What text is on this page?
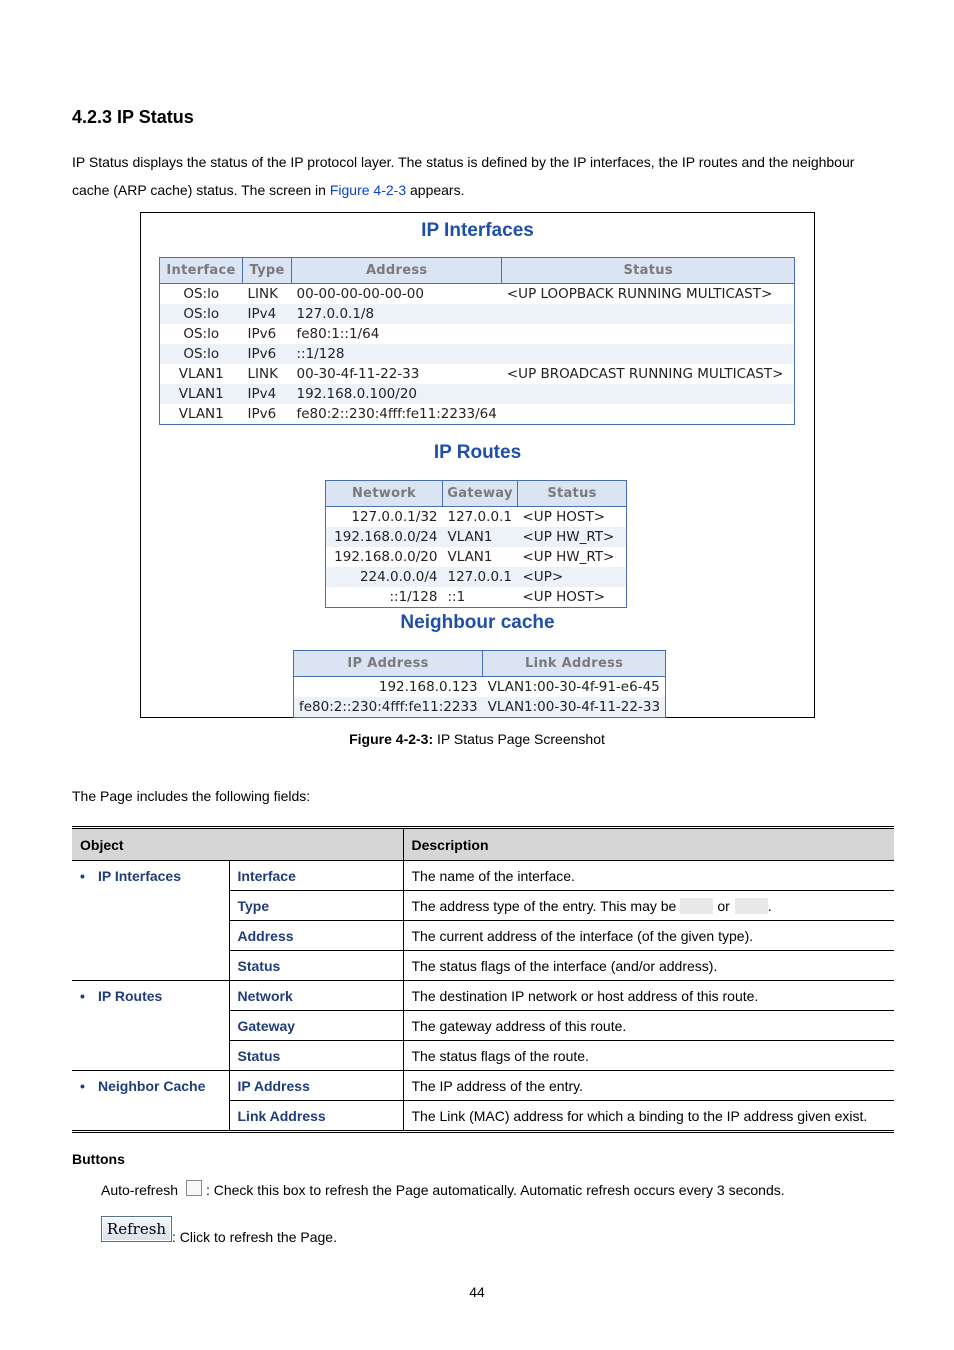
4.2.3 IP Status
IP Status displays the status of the IP protocol layer. The status is defined by the IP interfaces, the IP routes and the neighbour cache (ARP cache) status. The screen in Figure 4-2-3 appears.
IP Interfaces
Interface	Type	Address	Status
OS:lo	LINK	00-00-00-00-00-00	<UP LOOPBACK RUNNING MULTICAST>
OS:lo	IPv4	127.0.0.1/8	
OS:lo	IPv6	fe80:1::1/64	
OS:lo	IPv6	::1/128	
VLAN1	LINK	00-30-4f-11-22-33	<UP BROADCAST RUNNING MULTICAST>
VLAN1	IPv4	192.168.0.100/20	
VLAN1	IPv6	fe80:2::230:4fff:fe11:2233/64	
IP Routes
Network	Gateway	Status
127.0.0.1/32	127.0.0.1	<UP HOST>
192.168.0.0/24	VLAN1	<UP HW_RT>
192.168.0.0/20	VLAN1	<UP HW_RT>
224.0.0.0/4	127.0.0.1	<UP>
::1/128	::1	<UP HOST>
Neighbour cache
IP Address	Link Address
192.168.0.123	VLAN1:00-30-4f-91-e6-45
fe80:2::230:4fff:fe11:2233	VLAN1:00-30-4f-11-22-33
Figure 4-2-3: IP Status Page Screenshot
The Page includes the following fields:
Object		Description
• IP Interfaces	Interface	The name of the interface.
	Type	The address type of the entry. This may be or .
	Address	The current address of the interface (of the given type).
	Status	The status flags of the interface (and/or address).
• IP Routes	Network	The destination IP network or host address of this route.
	Gateway	The gateway address of this route.
	Status	The status flags of the route.
• Neighbor Cache	IP Address	The IP address of the entry.
	Link Address	The Link (MAC) address for which a binding to the IP address given exist.
Buttons
Auto-refresh : Check this box to refresh the Page automatically. Automatic refresh occurs every 3 seconds.
Refresh : Click to refresh the Page.
44
